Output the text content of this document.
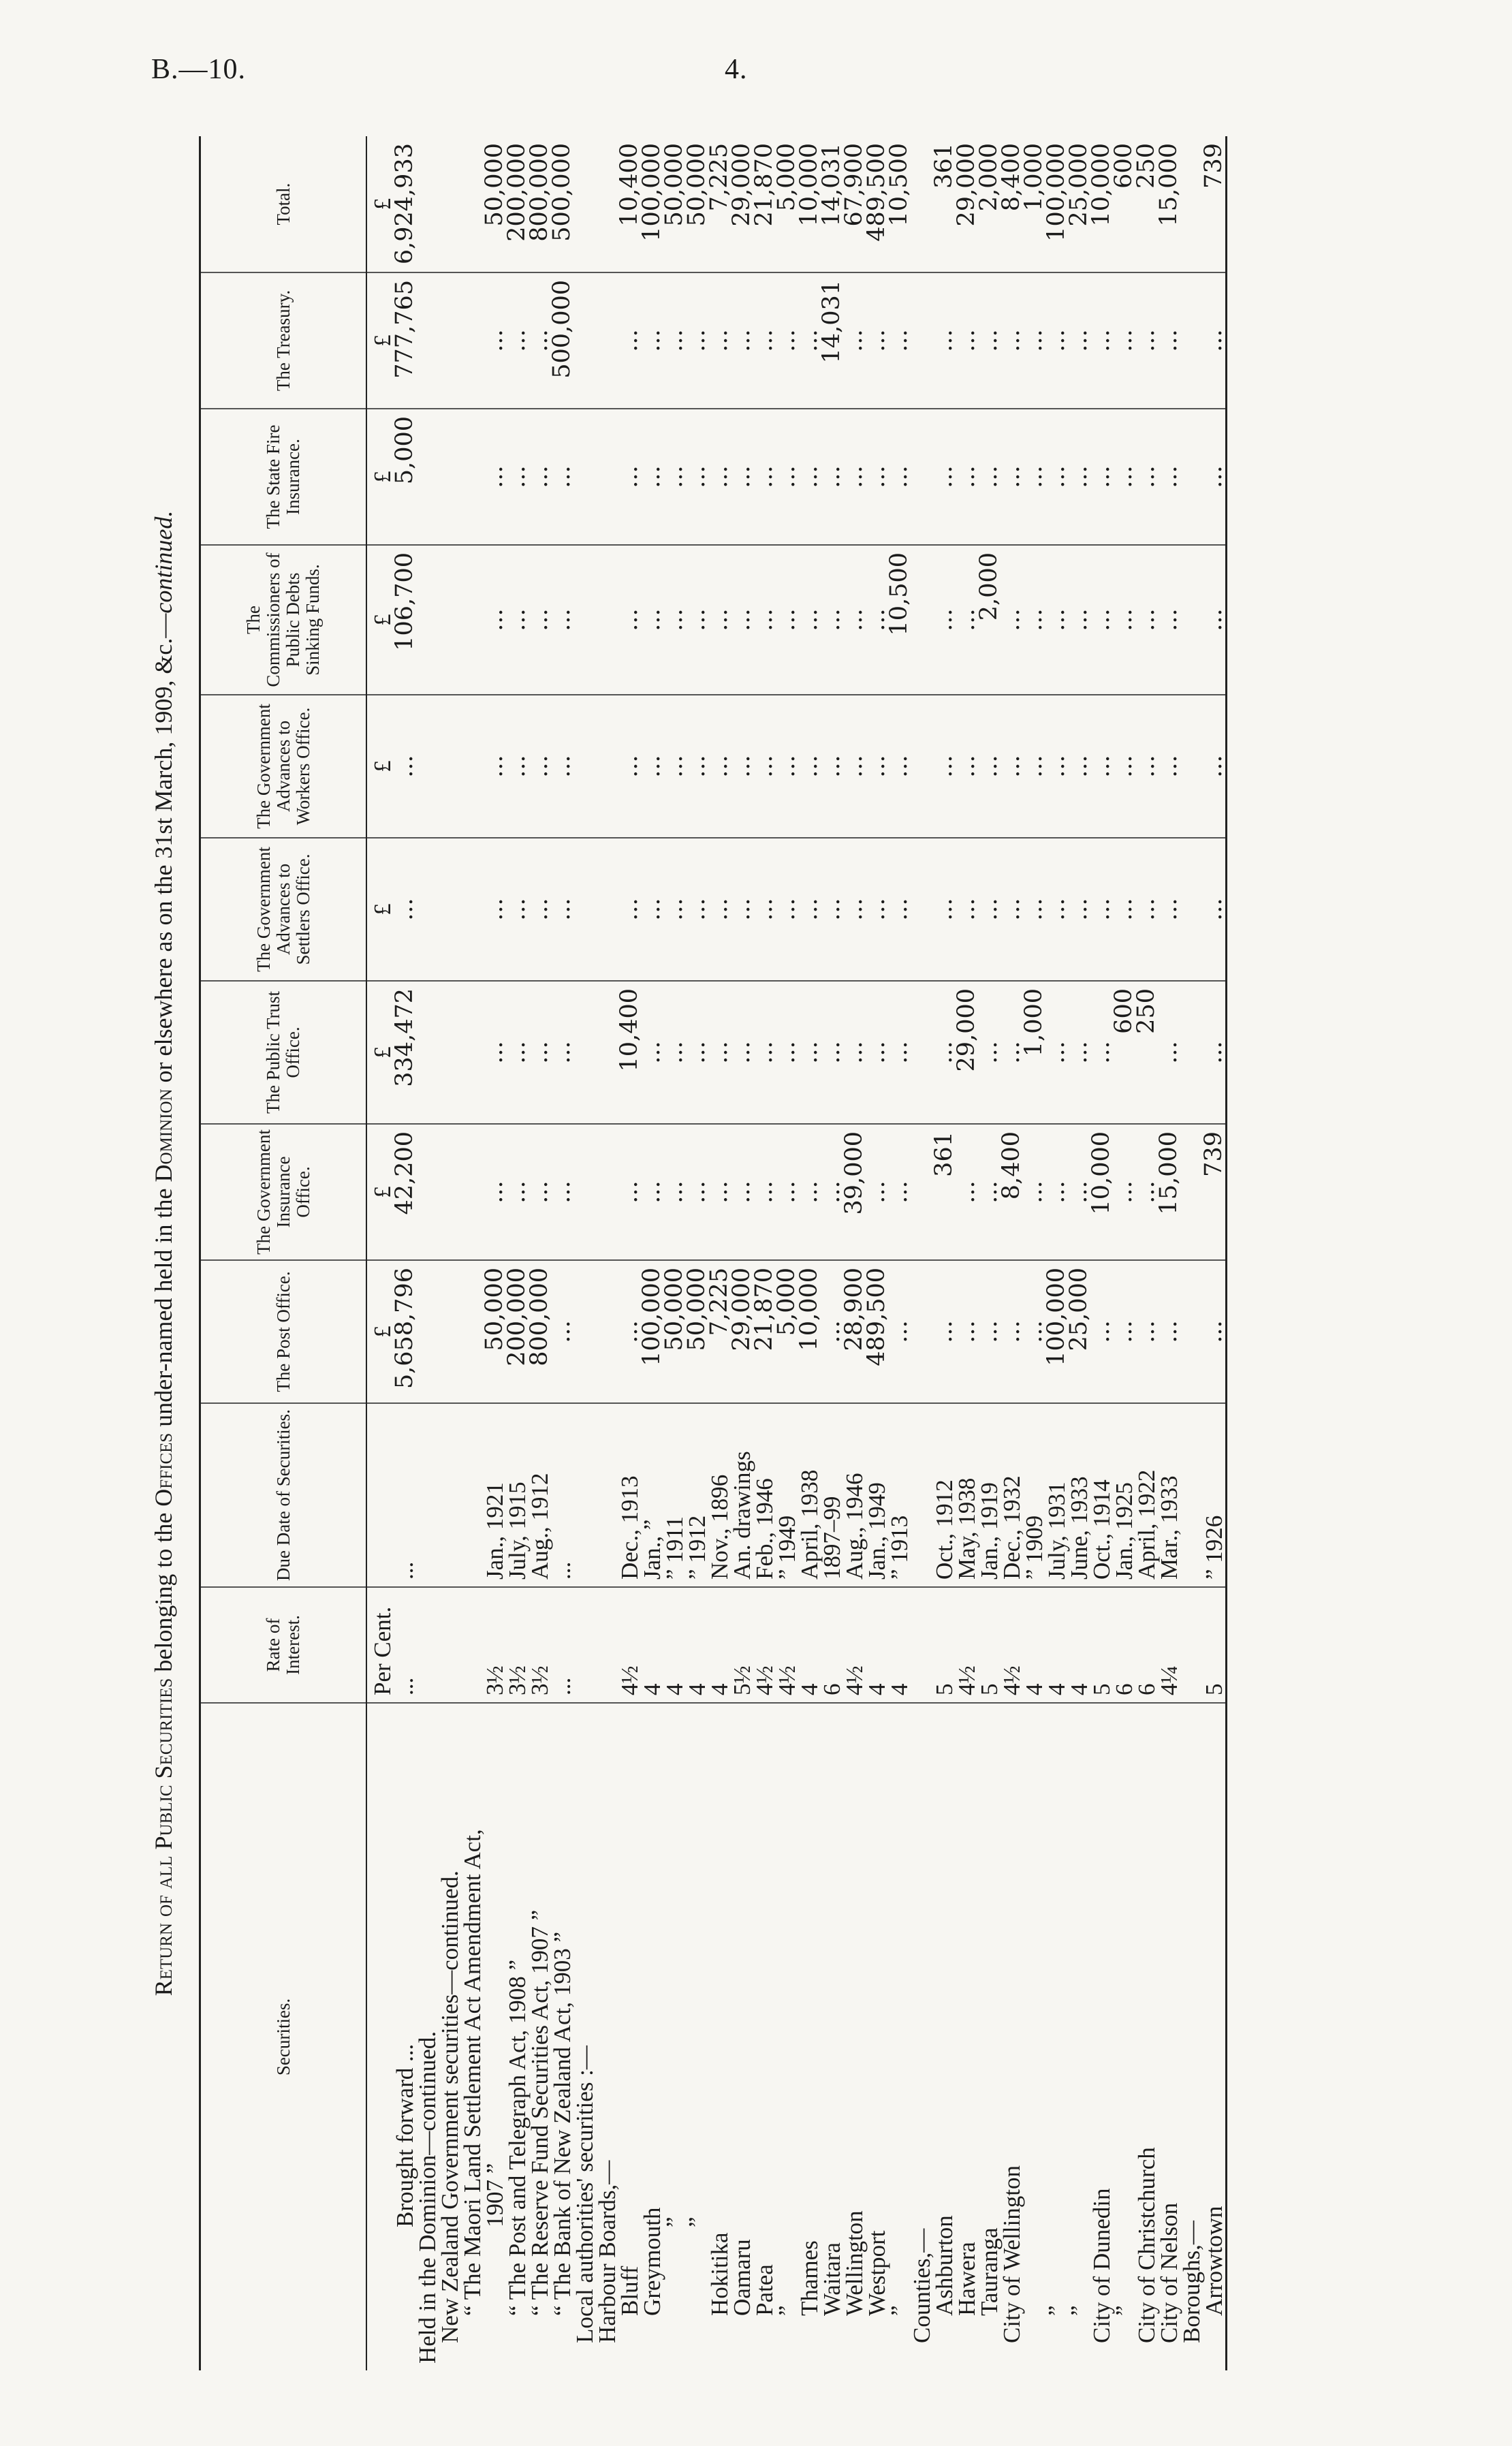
B.—10.	4.
Return of all Public Securities belonging to the Offices under-named held in the Dominion or elsewhere as on the 31st March, 1909, &c.—continued.
Securities.	Rate of Interest.	Due Date of Securities.	The Post Office.	The Government Insurance Office.	The Public Trust Office.	The Government Advances to Settlers Office.	The Government Advances to Workers Office.	The Commissioners of Public Debts Sinking Funds.	The State Fire Insurance.	The Treasury.	Total.
	Per Cent.		£	£	£	£	£	£	£	£	£
Brought forward ...	...	...	5,658,796	42,200	334,472	...	...	106,700	5,000	777,765	6,924,933
Held in the Dominion—continued.											
New Zealand Government securities—continued.											
“ The Maori Land Settlement Act Amendment Act,											
1907 ”	3½	Jan., 1921	50,000	...	...	...	...	...	...	...	50,000
“ The Post and Telegraph Act, 1908 ”	3½	July, 1915	200,000	...	...	...	...	...	...	...	200,000
“ The Reserve Fund Securities Act, 1907 ”	3½	Aug., 1912	800,000	...	...	...	...	...	...	...	800,000
“ The Bank of New Zealand Act, 1903 ”	...	...	...	...	...	...	...	...	...	500,000	500,000
Local authorities' securities :—											
Harbour Boards,—											
Bluff	4½	Dec., 1913	...	...	10,400	...	...	...	...	...	10,400
Greymouth	4	Jan., ”	100,000	...	...	...	...	...	...	...	100,000
”	4	” 1911	50,000	...	...	...	...	...	...	...	50,000
”	4	” 1912	50,000	...	...	...	...	...	...	...	50,000
Hokitika	4	Nov., 1896	7,225	...	...	...	...	...	...	...	7,225
Oamaru	5½	An. drawings	29,000	...	...	...	...	...	...	...	29,000
Patea	4½	Feb., 1946	21,870	...	...	...	...	...	...	...	21,870
”	4½	” 1949	5,000	...	...	...	...	...	...	...	5,000
Thames	4	April, 1938	10,000	...	...	...	...	...	...	...	10,000
Waitara	6	1897–99	...	...	...	...	...	...	...	14,031	14,031
Wellington	4½	Aug., 1946	28,900	39,000	...	...	...	...	...	...	67,900
Westport	4	Jan., 1949	489,500	...	...	...	...	...	...	...	489,500
”	4	” 1913	...	...	...	...	...	10,500	...	...	10,500
Counties,—											
Ashburton	5	Oct., 1912	...	361	...	...	...	...	...	...	361
Hawera	4½	May, 1938	...	...	29,000	...	...	...	...	...	29,000
Tauranga	5	Jan., 1919	...	...	...	...	...	2,000	...	...	2,000
City of Wellington	4½	Dec., 1932	...	8,400	...	...	...	...	...	...	8,400
	4	” 1909	...	...	1,000	...	...	...	...	...	1,000
”	4	July, 1931	100,000	...	...	...	...	...	...	...	100,000
”	4	June, 1933	25,000	...	...	...	...	...	...	...	25,000
City of Dunedin	5	Oct., 1914	...	10,000	...	...	...	...	...	...	10,000
”	6	Jan., 1925	...	...	600	...	...	...	...	...	600
City of Christchurch	6	April, 1922	...	...	250	...	...	...	...	...	250
City of Nelson	4¼	Mar., 1933	...	15,000	...	...	...	...	...	...	15,000
Boroughs,—											
Arrowtown	5	” 1926	...	739	...	...	...	...	...	...	739
